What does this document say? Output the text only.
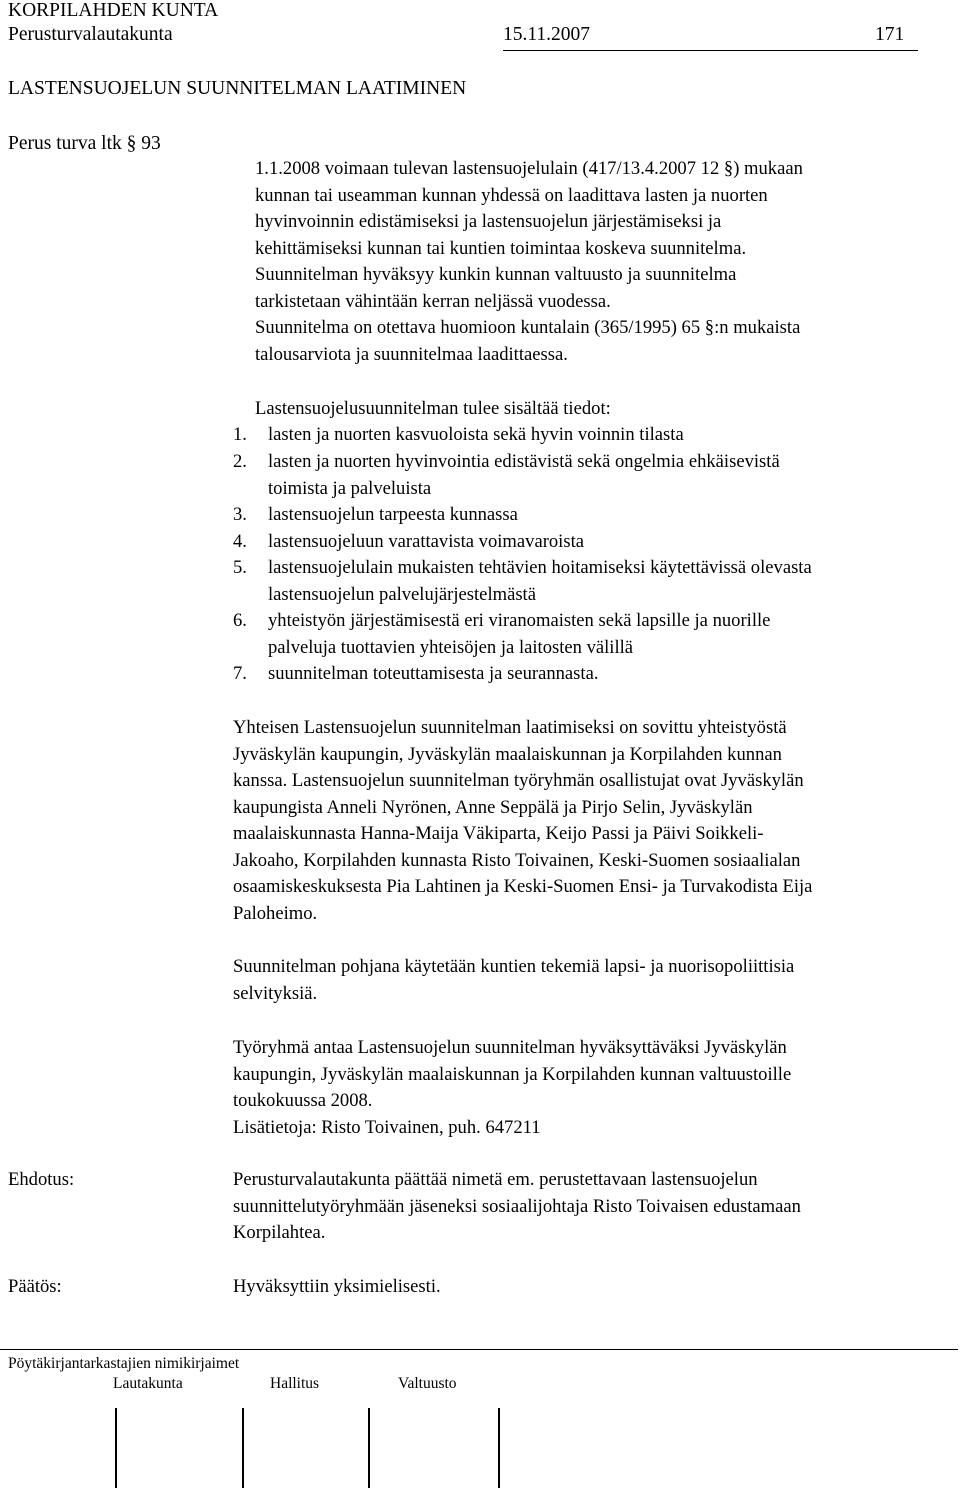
KORPILAHDEN KUNTA
Perusturvalautakunta	15.11.2007	171
LASTENSUOJELUN SUUNNITELMAN LAATIMINEN
Perus turva ltk § 93
1.1.2008 voimaan tulevan lastensuojelulain (417/13.4.2007 12 §) mukaan
kunnan tai useamman kunnan yhdessä on laadittava lasten ja nuorten
hyvinvoinnin edistämiseksi ja lastensuojelun järjestämiseksi ja
kehittämiseksi kunnan tai kuntien toimintaa koskeva suunnitelma.
Suunnitelman hyväksyy kunkin kunnan valtuusto ja suunnitelma
tarkistetaan vähintään kerran neljässä vuodessa.
Suunnitelma on otettava huomioon kuntalain (365/1995) 65 §:n mukaista
talousarviota ja suunnitelmaa laadittaessa.
Lastensuojelusuunnitelman tulee sisältää tiedot:
1. lasten ja nuorten kasvuoloista sekä hyvin voinnin tilasta
2. lasten ja nuorten hyvinvointia edistävistä sekä ongelmia ehkäisevistä
toimista ja palveluista
3. lastensuojelun tarpeesta kunnassa
4. lastensuojeluun varattavista voimavaroista
5. lastensuojelulain mukaisten tehtävien hoitamiseksi käytettävissä olevasta
lastensuojelun palvelujärjestelmästä
6. yhteistyön järjestämisestä eri viranomaisten sekä lapsille ja nuorille
palveluja tuottavien yhteisöjen ja laitosten välillä
7. suunnitelman toteuttamisesta ja seurannasta.
Yhteisen Lastensuojelun suunnitelman laatimiseksi on sovittu yhteistyöstä
Jyväskylän kaupungin, Jyväskylän maalaiskunnan ja Korpilahden kunnan
kanssa. Lastensuojelun suunnitelman työryhmän osallistujat ovat Jyväskylän
kaupungista Anneli Nyrönen, Anne Seppälä ja Pirjo Selin, Jyväskylän
maalaiskunnasta Hanna-Maija Väkiparta, Keijo Passi ja Päivi Soikkeli-
Jakoaho, Korpilahden kunnasta Risto Toivainen, Keski-Suomen sosiaalialan
osaamiskeskuksesta Pia Lahtinen ja Keski-Suomen Ensi- ja Turvakodista Eija
Paloheimo.
Suunnitelman pohjana käytetään kuntien tekemiä lapsi- ja nuorisopoliittisia
selvityksiä.
Työryhmä antaa Lastensuojelun suunnitelman hyväksyttäväksi Jyväskylän
kaupungin, Jyväskylän maalaiskunnan ja Korpilahden kunnan valtuustoille
toukokuussa 2008.
Lisätietoja: Risto Toivainen, puh. 647211
Ehdotus:	Perusturvalautakunta päättää nimetä em. perustettavaan lastensuojelun
suunnittelutyöryhmään jäseneksi sosiaalijohtaja Risto Toivaisen edustamaan
Korpilahtea.
Päätös:	Hyväksyttiin yksimielisesti.
Pöytäkirjantarkastajien nimikirjaimet
Lautakunta	Hallitus	Valtuusto
